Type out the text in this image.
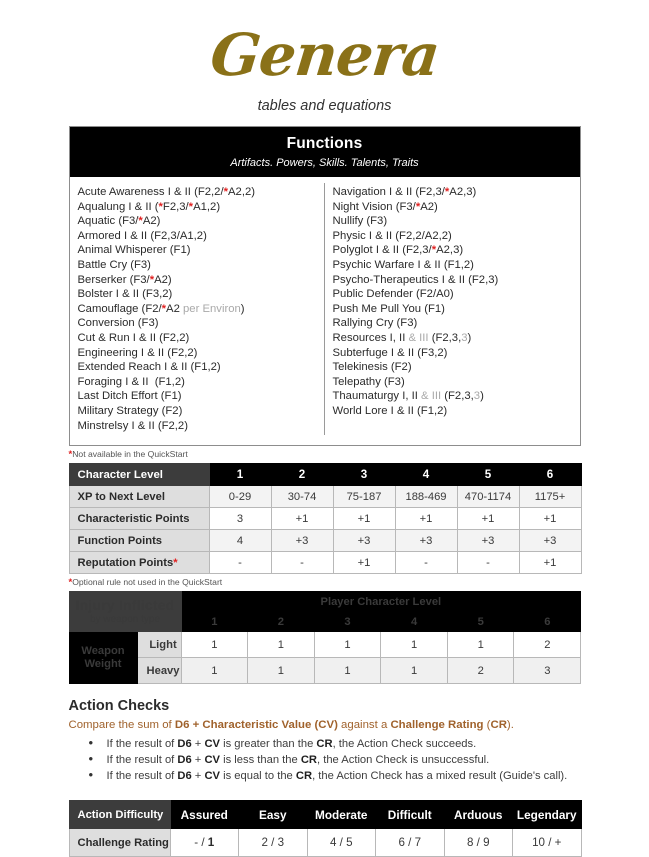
Genera
tables and equations
Functions
Artifacts. Powers, Skills. Talents, Traits
Acute Awareness I & II (F2,2/*A2,2)
Aqualung I & II (*F2,3/*A1,2)
Aquatic (F3/*A2)
Armored I & II (F2,3/A1,2)
Animal Whisperer (F1)
Battle Cry (F3)
Berserker (F3/*A2)
Bolster I & II (F3,2)
Camouflage (F2/*A2 per Environ)
Conversion (F3)
Cut & Run I & II (F2,2)
Engineering I & II (F2,2)
Extended Reach I & II (F1,2)
Foraging I & II  (F1,2)
Last Ditch Effort (F1)
Military Strategy (F2)
Minstrelsy I & II (F2,2)
Navigation I & II (F2,3/*A2,3)
Night Vision (F3/*A2)
Nullify (F3)
Physic I & II (F2,2/A2,2)
Polyglot I & II (F2,3/*A2,3)
Psychic Warfare I & II (F1,2)
Psycho-Therapeutics I & II (F2,3)
Public Defender (F2/A0)
Push Me Pull You (F1)
Rallying Cry (F3)
Resources I, II & III (F2,3,3)
Subterfuge I & II (F3,2)
Telekinesis (F2)
Telepathy (F3)
Thaumaturgy I, II & III (F2,3,3)
World Lore I & II (F1,2)
*Not available in the QuickStart
Character Level	1	2	3	4	5	6
XP to Next Level	0-29	30-74	75-187	188-469	470-1174	1175+
Characteristic Points	3	+1	+1	+1	+1	+1
Function Points	4	+3	+3	+3	+3	+3
Reputation Points*	-	-	+1	-	-	+1
*Optional rule not used in the QuickStart
Injury Inflicted
by weapon type		Player Character Level					
		1	2	3	4	5	6
Weapon
Weight	Light	1	1	1	1	1	2
	Heavy	1	1	1	1	2	3
Action Checks
Compare the sum of D6 + Characteristic Value (CV) against a Challenge Rating (CR).
• If the result of D6 + CV is greater than the CR, the Action Check succeeds.
• If the result of D6 + CV is less than the CR, the Action Check is unsuccessful.
• If the result of D6 + CV is equal to the CR, the Action Check has a mixed result (Guide's call).
Action Difficulty	Assured	Easy	Moderate	Difficult	Arduous	Legendary
Challenge Rating	- / 1	2 / 3	4 / 5	6 / 7	8 / 9	10 / +
